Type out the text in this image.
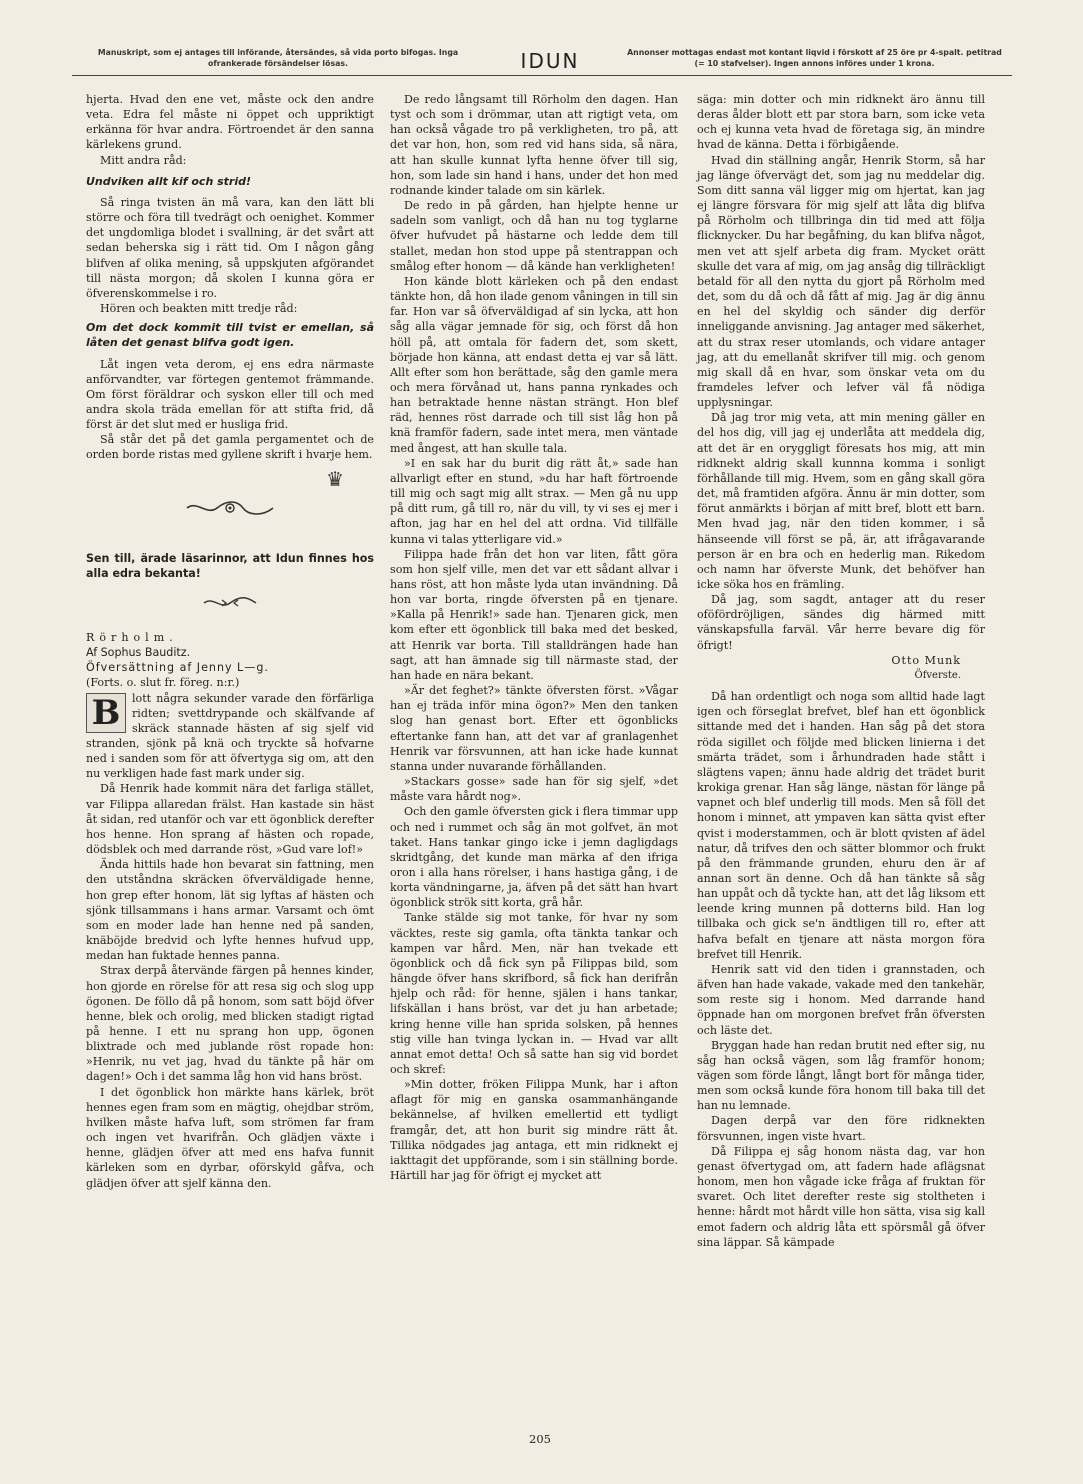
Manuskript, som ej antages till införande, återsändes, så vida porto bifogas. Inga ofrankerade försändelser lösas.	IDUN	Annonser mottagas endast mot kontant liqvid i förskott af 25 öre pr 4-spalt. petitrad (= 10 stafvelser). Ingen annons införes under 1 krona.

hjerta. Hvad den ene vet, måste ock den andre veta. Edra fel måste ni öppet och uppriktigt erkänna för hvar andra. Förtroendet är den sanna kärlekens grund.

Mitt andra råd:

Undviken allt kif och strid!

Så ringa tvisten än må vara, kan den lätt bli större och föra till tvedrägt och oenighet. Kommer det ungdomliga blodet i svallning, är det svårt att sedan beherska sig i rätt tid. Om I någon gång blifven af olika mening, så uppskjuten afgörandet till nästa morgon; då skolen I kunna göra er öfverenskommelse i ro.

Hören och beakten mitt tredje råd:

Om det dock kommit till tvist er emellan, så låten det genast blifva godt igen.

Låt ingen veta derom, ej ens edra närmaste anförvandter, var förtegen gentemot främmande. Om först föräldrar och syskon eller till och med andra skola träda emellan för att stifta frid, då först är det slut med er husliga frid.

Så står det på det gamla pergamentet och de orden borde ristas med gyllene skrift i hvarje hem.

♛

Sen till, ärade läsarinnor, att Idun finnes hos alla edra bekanta!

Rörholm.

Af Sophus Bauditz.

Öfversättning af Jenny L—g.

(Forts. o. slut fr. föreg. n:r.)

B	lott några sekunder varade den förfärliga ridten; svettdrypande och skälfvande af skräck stannade hästen af sig sjelf vid stranden, sjönk på knä och tryckte så hofvarne ned i sanden som för att öfvertyga sig om, att den nu verkligen hade fast mark under sig.

Då Henrik hade kommit nära det farliga stället, var Filippa allaredan frälst. Han kastade sin häst åt sidan, red utanför och var ett ögonblick derefter hos henne. Hon sprang af hästen och ropade, dödsblek och med darrande röst, »Gud vare lof!»

Ända hittils hade hon bevarat sin fattning, men den utståndna skräcken öfverväldigade henne, hon grep efter honom, lät sig lyftas af hästen och sjönk tillsammans i hans armar. Varsamt och ömt som en moder lade han henne ned på sanden, knäböjde bredvid och lyfte hennes hufvud upp, medan han fuktade hennes panna.

Strax derpå återvände färgen på hennes kinder, hon gjorde en rörelse för att resa sig och slog upp ögonen. De föllo då på honom, som satt böjd öfver henne, blek och orolig, med blicken stadigt rigtad på henne. I ett nu sprang hon upp, ögonen blixtrade och med jublande röst ropade hon: »Henrik, nu vet jag, hvad du tänkte på här om dagen!» Och i det samma låg hon vid hans bröst.

I det ögonblick hon märkte hans kärlek, bröt hennes egen fram som en mägtig, ohejdbar ström, hvilken måste hafva luft, som strömen far fram och ingen vet hvarifrån. Och glädjen växte i henne, glädjen öfver att med ens hafva funnit kärleken som en dyrbar, oförskyld gåfva, och glädjen öfver att sjelf känna den.

De redo långsamt till Rörholm den dagen. Han tyst och som i drömmar, utan att rigtigt veta, om han också vågade tro på verkligheten, tro på, att det var hon, hon, som red vid hans sida, så nära, att han skulle kunnat lyfta henne öfver till sig, hon, som lade sin hand i hans, under det hon med rodnande kinder talade om sin kärlek.

De redo in på gården, han hjelpte henne ur sadeln som vanligt, och då han nu tog tyglarne öfver hufvudet på hästarne och ledde dem till stallet, medan hon stod uppe på stentrappan och smålog efter honom — då kände han verkligheten!

Hon kände blott kärleken och på den endast tänkte hon, då hon ilade genom våningen in till sin far. Hon var så öfverväldigad af sin lycka, att hon såg alla vägar jemnade för sig, och först då hon höll på, att omtala för fadern det, som skett, började hon känna, att endast detta ej var så lätt. Allt efter som hon berättade, såg den gamle mera och mera förvånad ut, hans panna rynkades och han betraktade henne nästan strängt. Hon blef räd, hennes röst darrade och till sist låg hon på knä framför fadern, sade intet mera, men väntade med ångest, att han skulle tala.

»I en sak har du burit dig rätt åt,» sade han allvarligt efter en stund, »du har haft förtroende till mig och sagt mig allt strax. — Men gå nu upp på ditt rum, gå till ro, när du vill, ty vi ses ej mer i afton, jag har en hel del att ordna. Vid tillfälle kunna vi talas ytterligare vid.»

Filippa hade från det hon var liten, fått göra som hon sjelf ville, men det var ett sådant allvar i hans röst, att hon måste lyda utan invändning. Då hon var borta, ringde öfversten på en tjenare. »Kalla på Henrik!» sade han. Tjenaren gick, men kom efter ett ögonblick till baka med det besked, att Henrik var borta. Till stalldrängen hade han sagt, att han ämnade sig till närmaste stad, der han hade en nära bekant.

»Är det feghet?» tänkte öfversten först. »Vågar han ej träda inför mina ögon?» Men den tanken slog han genast bort. Efter ett ögonblicks eftertanke fann han, att det var af granlagenhet Henrik var försvunnen, att han icke hade kunnat stanna under nuvarande förhållanden.

»Stackars gosse» sade han för sig sjelf, »det måste vara hårdt nog».

Och den gamle öfversten gick i flera timmar upp och ned i rummet och såg än mot golfvet, än mot taket. Hans tankar gingo icke i jemn dagligdags skridtgång, det kunde man märka af den ifriga oron i alla hans rörelser, i hans hastiga gång, i de korta vändningarne, ja, äfven på det sätt han hvart ögonblick strök sitt korta, grå hår.

Tanke stälde sig mot tanke, för hvar ny som väcktes, reste sig gamla, ofta tänkta tankar och kampen var hård. Men, när han tvekade ett ögonblick och då fick syn på Filippas bild, som hängde öfver hans skrifbord, så fick han derifrån hjelp och råd: för henne, själen i hans tankar, lifskällan i hans bröst, var det ju han arbetade; kring henne ville han sprida solsken, på hennes stig ville han tvinga lyckan in. — Hvad var allt annat emot detta! Och så satte han sig vid bordet och skref:

»Min dotter, fröken Filippa Munk, har i afton aflagt för mig en ganska osammanhängande bekännelse, af hvilken emellertid ett tydligt framgår, det, att hon burit sig mindre rätt åt. Tillika nödgades jag antaga, ett min ridknekt ej iakttagit det uppförande, som i sin ställning borde. Härtill har jag för öfrigt ej mycket att

säga: min dotter och min ridknekt äro ännu till deras ålder blott ett par stora barn, som icke veta och ej kunna veta hvad de företaga sig, än mindre hvad de känna. Detta i förbigående.

Hvad din ställning angår, Henrik Storm, så har jag länge öfvervägt det, som jag nu meddelar dig. Som ditt sanna väl ligger mig om hjertat, kan jag ej längre försvara för mig sjelf att låta dig blifva på Rörholm och tillbringa din tid med att följa flicknycker. Du har begåfning, du kan blifva något, men vet att sjelf arbeta dig fram. Mycket orätt skulle det vara af mig, om jag ansåg dig tillräckligt betald för all den nytta du gjort på Rörholm med det, som du då och då fått af mig. Jag är dig ännu en hel del skyldig och sänder dig derför inneliggande anvisning. Jag antager med säkerhet, att du strax reser utomlands, och vidare antager jag, att du emellanåt skrifver till mig. och genom mig skall då en hvar, som önskar veta om du framdeles lefver och lefver väl få nödiga upplysningar.

Då jag tror mig veta, att min mening gäller en del hos dig, vill jag ej underlåta att meddela dig, att det är en oryggligt föresats hos mig, att min ridknekt aldrig skall kunnna komma i sonligt förhållande till mig. Hvem, som en gång skall göra det, må framtiden afgöra. Ännu är min dotter, som förut anmärkts i början af mitt bref, blott ett barn. Men hvad jag, när den tiden kommer, i så hänseende vill först se på, är, att ifrågavarande person är en bra och en hederlig man. Rikedom och namn har öfverste Munk, det behöfver han icke söka hos en främling.

Då jag, som sagdt, antager att du reser oföfördröjligen, sändes dig härmed mitt vänskapsfulla farväl. Vår herre bevare dig för öfrigt!

Otto Munk

Öfverste.

Då han ordentligt och noga som alltid hade lagt igen och förseglat brefvet, blef han ett ögonblick sittande med det i handen. Han såg på det stora röda sigillet och följde med blicken linierna i det smärta trädet, som i århundraden hade stått i slägtens vapen; ännu hade aldrig det trädet burit krokiga grenar. Han såg länge, nästan för länge på vapnet och blef underlig till mods. Men så föll det honom i minnet, att ympaven kan sätta qvist efter qvist i moderstammen, och är blott qvisten af ädel natur, då trifves den och sätter blommor och frukt på den främmande grunden, ehuru den är af annan sort än denne. Och då han tänkte så såg han uppåt och då tyckte han, att det låg liksom ett leende kring munnen på dotterns bild. Han log tillbaka och gick se'n ändtligen till ro, efter att hafva befalt en tjenare att nästa morgon föra brefvet till Henrik.

Henrik satt vid den tiden i grannstaden, och äfven han hade vakade, vakade med den tankehär, som reste sig i honom. Med darrande hand öppnade han om morgonen brefvet från öfversten och läste det.

Bryggan hade han redan brutit ned efter sig, nu såg han också vägen, som låg framför honom; vägen som förde långt, långt bort för många tider, men som också kunde föra honom till baka till det han nu lemnade.

Dagen derpå var den före ridknekten försvunnen, ingen viste hvart.

Då Filippa ej såg honom nästa dag, var hon genast öfvertygad om, att fadern hade aflägsnat honom, men hon vågade icke fråga af fruktan för svaret. Och litet derefter reste sig stoltheten i henne: hårdt mot hårdt ville hon sätta, visa sig kall emot fadern och aldrig låta ett spörsmål gå öfver sina läppar. Så kämpade

205
